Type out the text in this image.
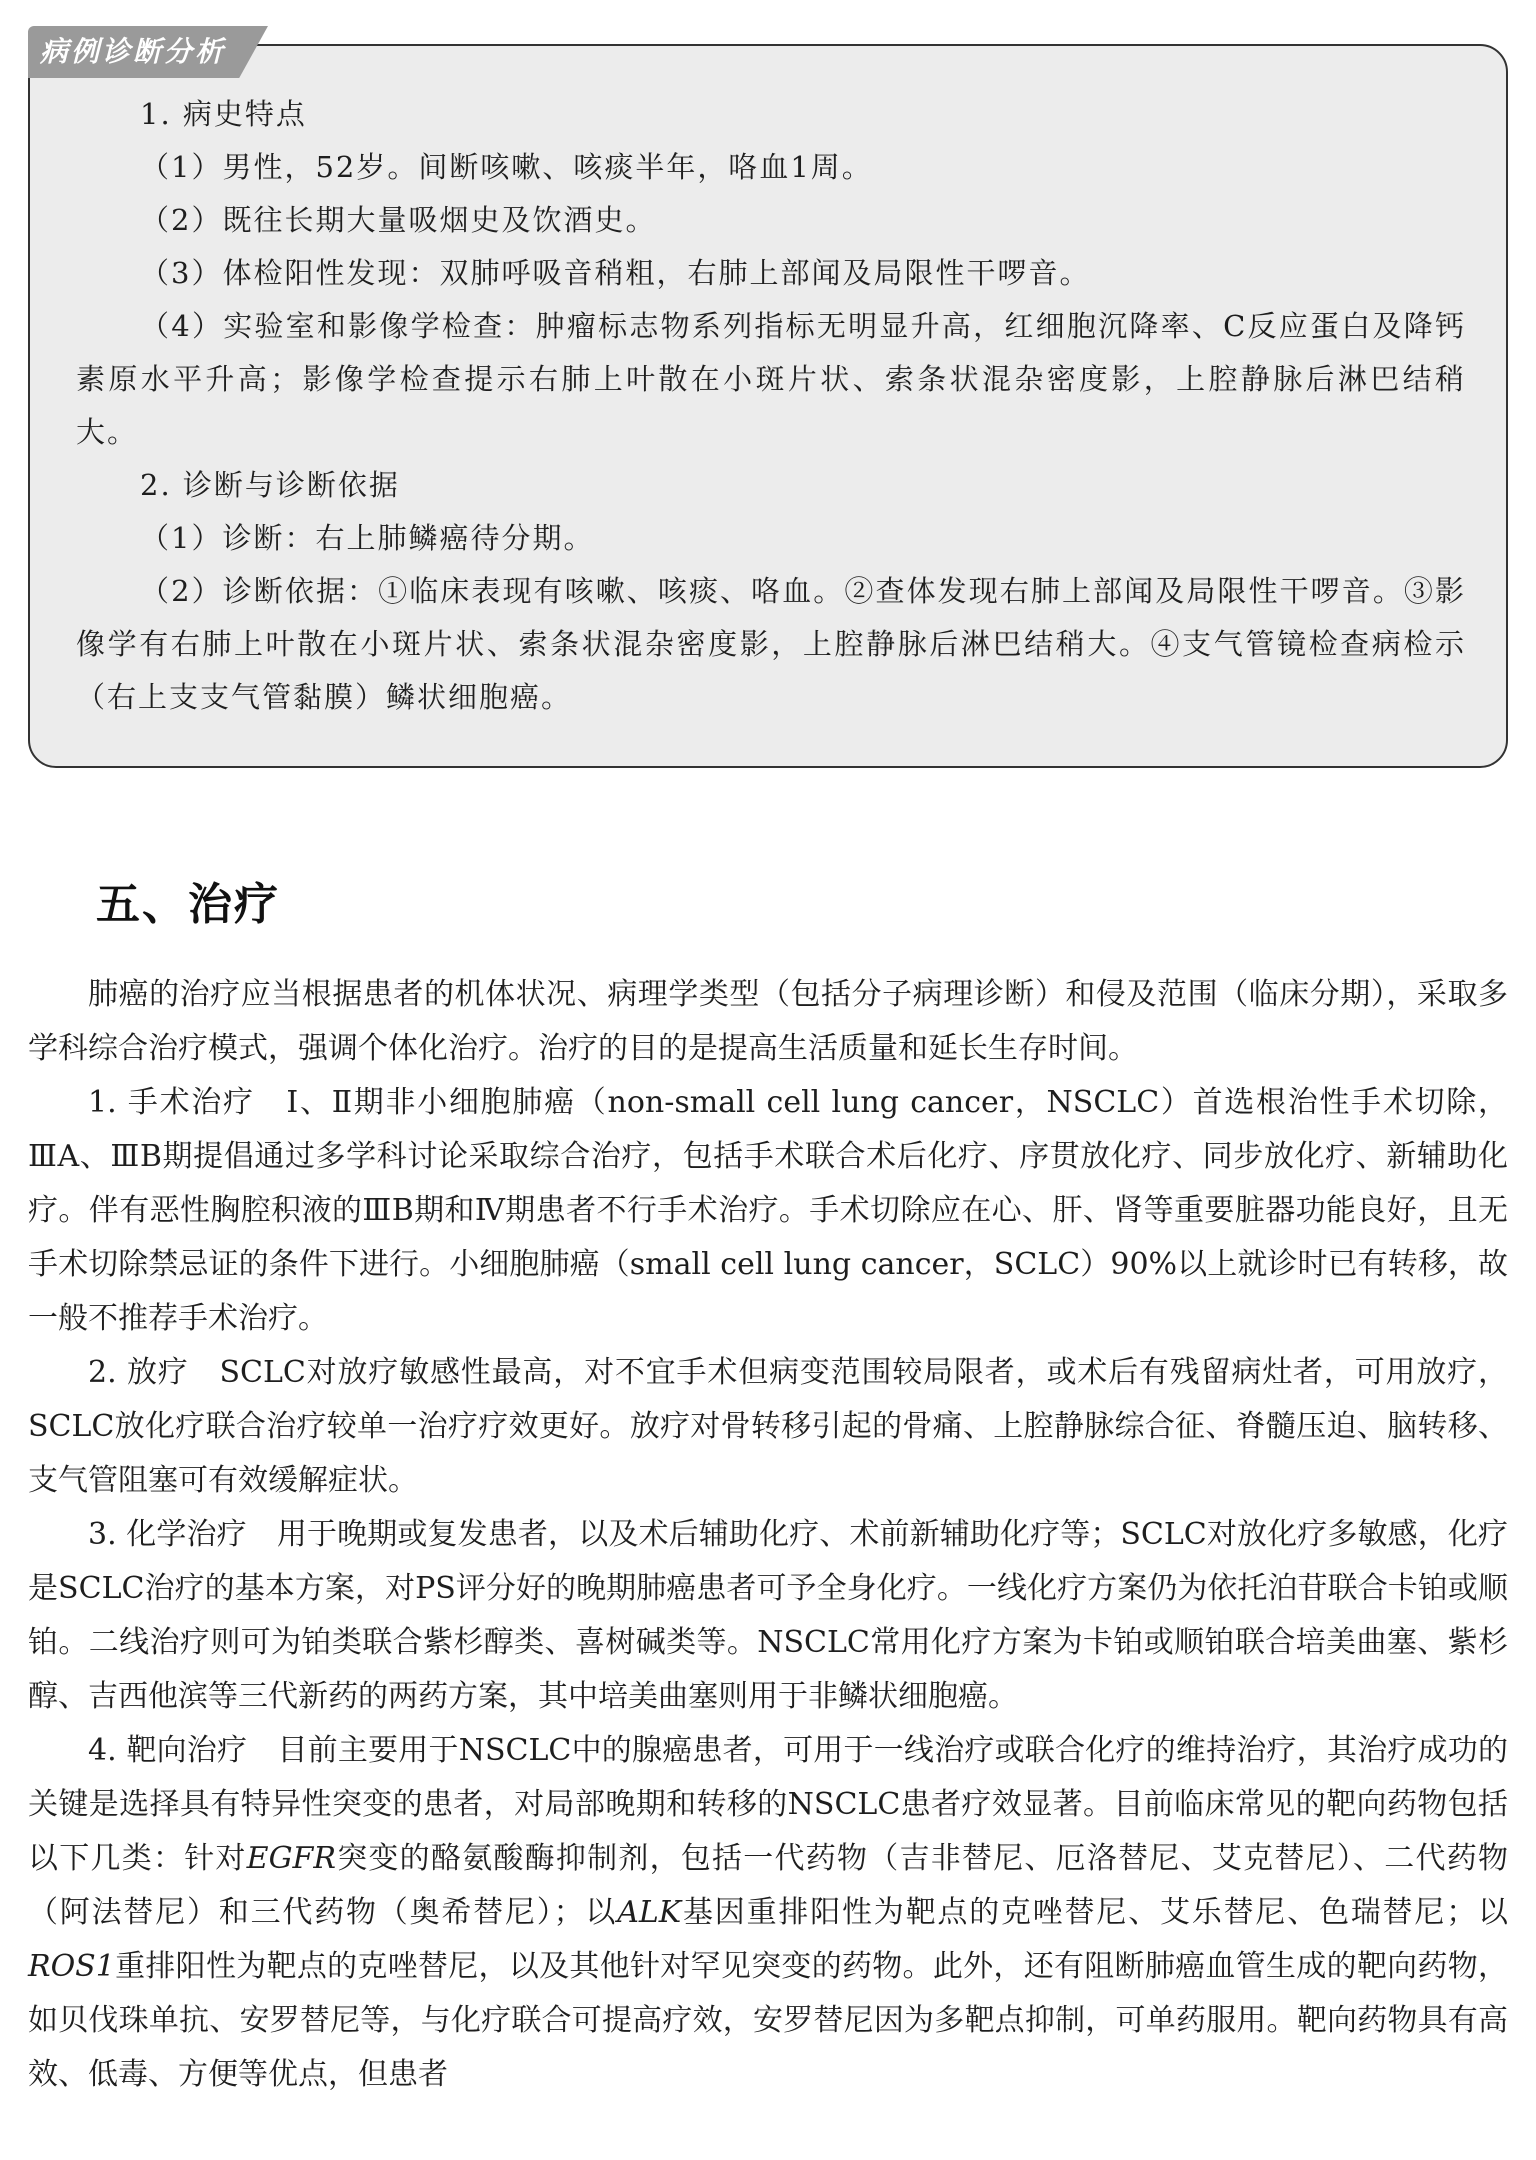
病例诊断分析

1. 病史特点

（1）男性，52岁。间断咳嗽、咳痰半年，咯血1周。

（2）既往长期大量吸烟史及饮酒史。

（3）体检阳性发现：双肺呼吸音稍粗，右肺上部闻及局限性干啰音。

（4）实验室和影像学检查：肿瘤标志物系列指标无明显升高，红细胞沉降率、C反应蛋白及降钙素原水平升高；影像学检查提示右肺上叶散在小斑片状、索条状混杂密度影，上腔静脉后淋巴结稍大。

2. 诊断与诊断依据

（1）诊断：右上肺鳞癌待分期。

（2）诊断依据：①临床表现有咳嗽、咳痰、咯血。②查体发现右肺上部闻及局限性干啰音。③影像学有右肺上叶散在小斑片状、索条状混杂密度影，上腔静脉后淋巴结稍大。④支气管镜检查病检示（右上支支气管黏膜）鳞状细胞癌。

五、治疗

肺癌的治疗应当根据患者的机体状况、病理学类型（包括分子病理诊断）和侵及范围（临床分期），采取多学科综合治疗模式，强调个体化治疗。治疗的目的是提高生活质量和延长生存时间。

1. 手术治疗　Ⅰ、Ⅱ期非小细胞肺癌（non-small cell lung cancer，NSCLC）首选根治性手术切除，ⅢA、ⅢB期提倡通过多学科讨论采取综合治疗，包括手术联合术后化疗、序贯放化疗、同步放化疗、新辅助化疗。伴有恶性胸腔积液的ⅢB期和Ⅳ期患者不行手术治疗。手术切除应在心、肝、肾等重要脏器功能良好，且无手术切除禁忌证的条件下进行。小细胞肺癌（small cell lung cancer，SCLC）90%以上就诊时已有转移，故一般不推荐手术治疗。

2. 放疗　SCLC对放疗敏感性最高，对不宜手术但病变范围较局限者，或术后有残留病灶者，可用放疗，SCLC放化疗联合治疗较单一治疗疗效更好。放疗对骨转移引起的骨痛、上腔静脉综合征、脊髓压迫、脑转移、支气管阻塞可有效缓解症状。

3. 化学治疗　用于晚期或复发患者，以及术后辅助化疗、术前新辅助化疗等；SCLC对放化疗多敏感，化疗是SCLC治疗的基本方案，对PS评分好的晚期肺癌患者可予全身化疗。一线化疗方案仍为依托泊苷联合卡铂或顺铂。二线治疗则可为铂类联合紫杉醇类、喜树碱类等。NSCLC常用化疗方案为卡铂或顺铂联合培美曲塞、紫杉醇、吉西他滨等三代新药的两药方案，其中培美曲塞则用于非鳞状细胞癌。

4. 靶向治疗　目前主要用于NSCLC中的腺癌患者，可用于一线治疗或联合化疗的维持治疗，其治疗成功的关键是选择具有特异性突变的患者，对局部晚期和转移的NSCLC患者疗效显著。目前临床常见的靶向药物包括以下几类：针对EGFR突变的酪氨酸酶抑制剂，包括一代药物（吉非替尼、厄洛替尼、艾克替尼）、二代药物（阿法替尼）和三代药物（奥希替尼）；以ALK基因重排阳性为靶点的克唑替尼、艾乐替尼、色瑞替尼；以ROS1重排阳性为靶点的克唑替尼，以及其他针对罕见突变的药物。此外，还有阻断肺癌血管生成的靶向药物，如贝伐珠单抗、安罗替尼等，与化疗联合可提高疗效，安罗替尼因为多靶点抑制，可单药服用。靶向药物具有高效、低毒、方便等优点，但患者
